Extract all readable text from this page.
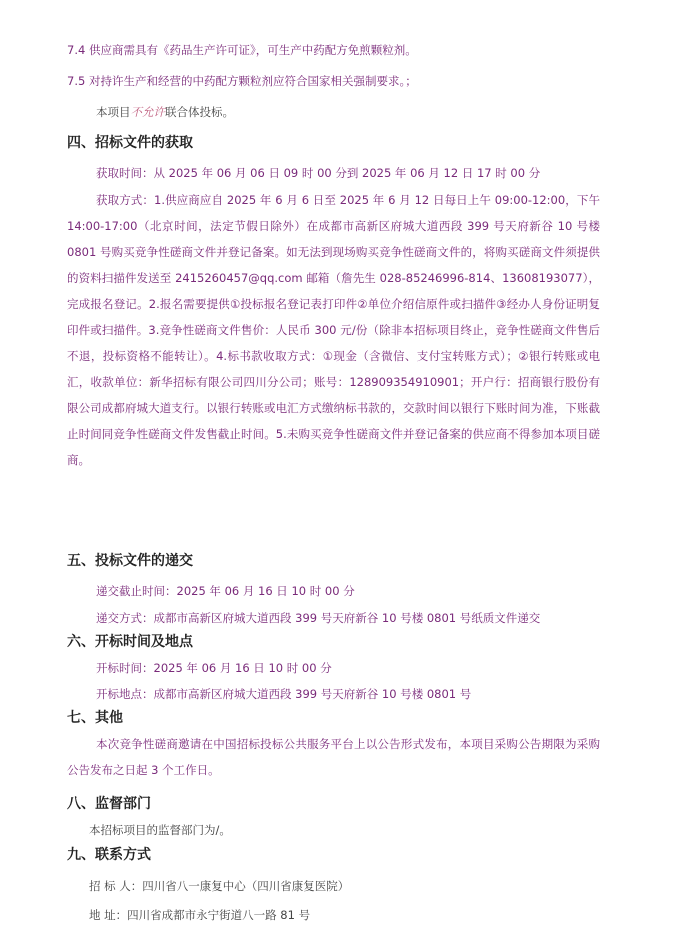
7.4 供应商需具有《药品生产许可证》，可生产中药配方免煎颗粒剂。
7.5 对持许生产和经营的中药配方颗粒剂应符合国家相关强制要求。；
本项目不允许联合体投标。
四、招标文件的获取
获取时间：从 2025 年 06 月 06 日 09 时 00 分到 2025 年 06 月 12 日 17 时 00 分
获取方式：1.供应商应自 2025 年 6 月 6 日至 2025 年 6 月 12 日每日上午 09:00-12:00，下午 14:00-17:00（北京时间，法定节假日除外）在成都市高新区府城大道西段 399 号天府新谷 10 号楼 0801 号购买竞争性磋商文件并登记备案。如无法到现场购买竞争性磋商文件的，将购买磋商文件须提供的资料扫描件发送至 2415260457@qq.com 邮箱（詹先生 028-85246996-814、13608193077），完成报名登记。2.报名需要提供①投标报名登记表打印件②单位介绍信原件或扫描件③经办人身份证明复印件或扫描件。3.竞争性磋商文件售价：人民币 300 元/份（除非本招标项目终止，竞争性磋商文件售后不退，投标资格不能转让）。4.标书款收取方式：①现金（含微信、支付宝转账方式）；②银行转账或电汇，收款单位：新华招标有限公司四川分公司；账号：128909354910901；开户行：招商银行股份有限公司成都府城大道支行。以银行转账或电汇方式缴纳标书款的，交款时间以银行下账时间为准，下账截止时间同竞争性磋商文件发售截止时间。5.未购买竞争性磋商文件并登记备案的供应商不得参加本项目磋商。
五、投标文件的递交
递交截止时间：2025 年 06 月 16 日 10 时 00 分
递交方式：成都市高新区府城大道西段 399 号天府新谷 10 号楼 0801 号纸质文件递交
六、开标时间及地点
开标时间：2025 年 06 月 16 日 10 时 00 分
开标地点：成都市高新区府城大道西段 399 号天府新谷 10 号楼 0801 号
七、其他
本次竞争性磋商邀请在中国招标投标公共服务平台上以公告形式发布，本项目采购公告期限为采购公告发布之日起 3 个工作日。
八、监督部门
本招标项目的监督部门为/。
九、联系方式
招 标 人：四川省八一康复中心（四川省康复医院）
地 址：四川省成都市永宁街道八一路 81 号
